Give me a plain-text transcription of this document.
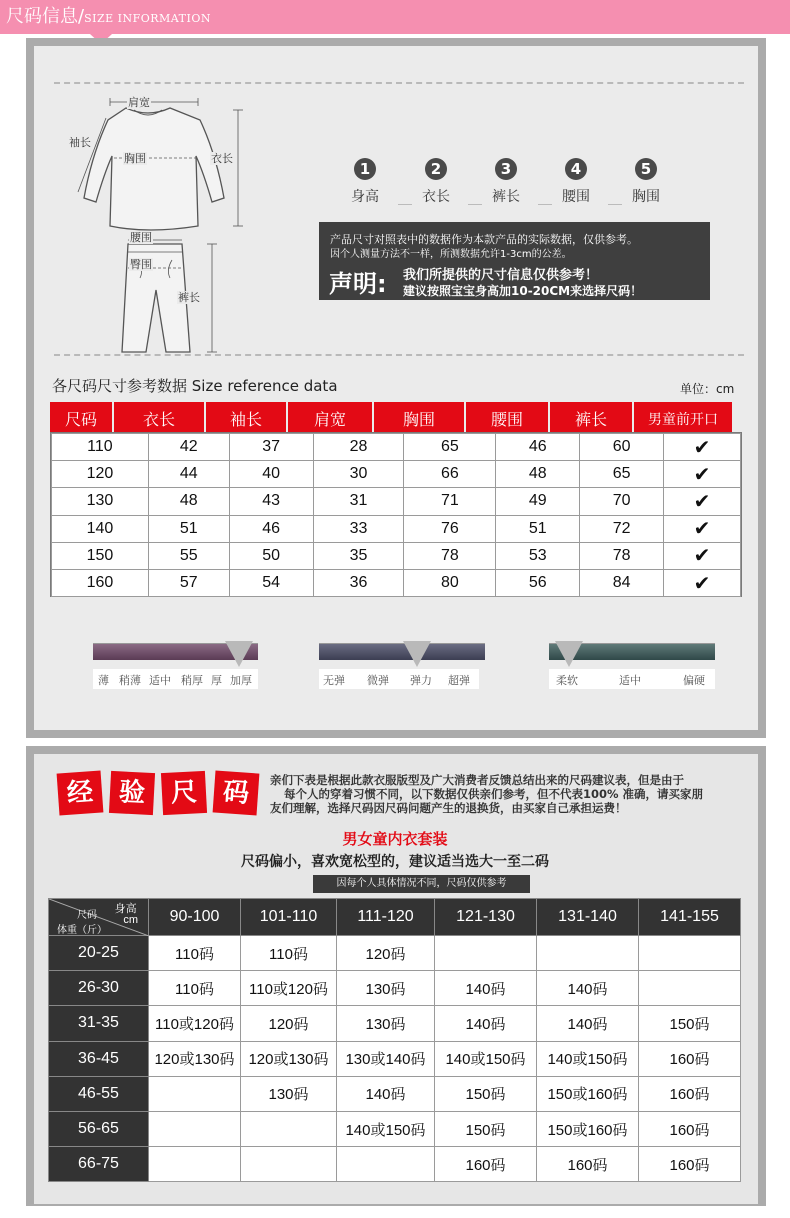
尺码信息/SIZE INFORMATION
肩宽
袖长
胸围	衣长
腰围
臀围
裤长
1
身高
2
衣长
3
裤长
4
腰围
5
胸围
产品尺寸对照表中的数据作为本款产品的实际数据，仅供参考。
因个人测量方法不一样，所测数据允许1-3cm的公差。
声明: 我们所提供的尺寸信息仅供参考！
建议按照宝宝身高加10-20CM来选择尺码！
各尺码尺寸参考数据 Size reference data	单位：cm
尺码	衣长	袖长	肩宽	胸围	腰围	裤长	男童前开口
110	42	37	28	65	46	60	✔
120	44	40	30	66	48	65	✔
130	48	43	31	71	49	70	✔
140	51	46	33	76	51	72	✔
150	55	50	35	78	53	78	✔
160	57	54	36	80	56	84	✔
薄 稍薄 适中 稍厚 厚 加厚	无弹 微弹 弹力 超弹	柔软	适中	偏硬
经 验 尺 码	亲们下表是根据此款衣服版型及广大消费者反馈总结出来的尺码建议表，但是由于
每个人的穿着习惯不同，以下数据仅供亲们参考，但不代表100% 准确，请买家朋
友们理解，选择尺码因尺码问题产生的退换货，由买家自己承担运费！
男女童内衣套装
尺码偏小，喜欢宽松型的，建议适当选大一至二码
因每个人具体情况不同，尺码仅供参考
身高
cm
尺码
体重（斤）	90-100	101-110	111-120	121-130	131-140	141-155
20-25	110码	110码	120码			
26-30	110码	110或120码	130码	140码	140码	
31-35	110或120码	120码	130码	140码	140码	150码
36-45	120或130码	120或130码	130或140码	140或150码	140或150码	160码
46-55		130码	140码	150码	150或160码	160码
56-65			140或150码	150码	150或160码	160码
66-75				160码	160码	160码
